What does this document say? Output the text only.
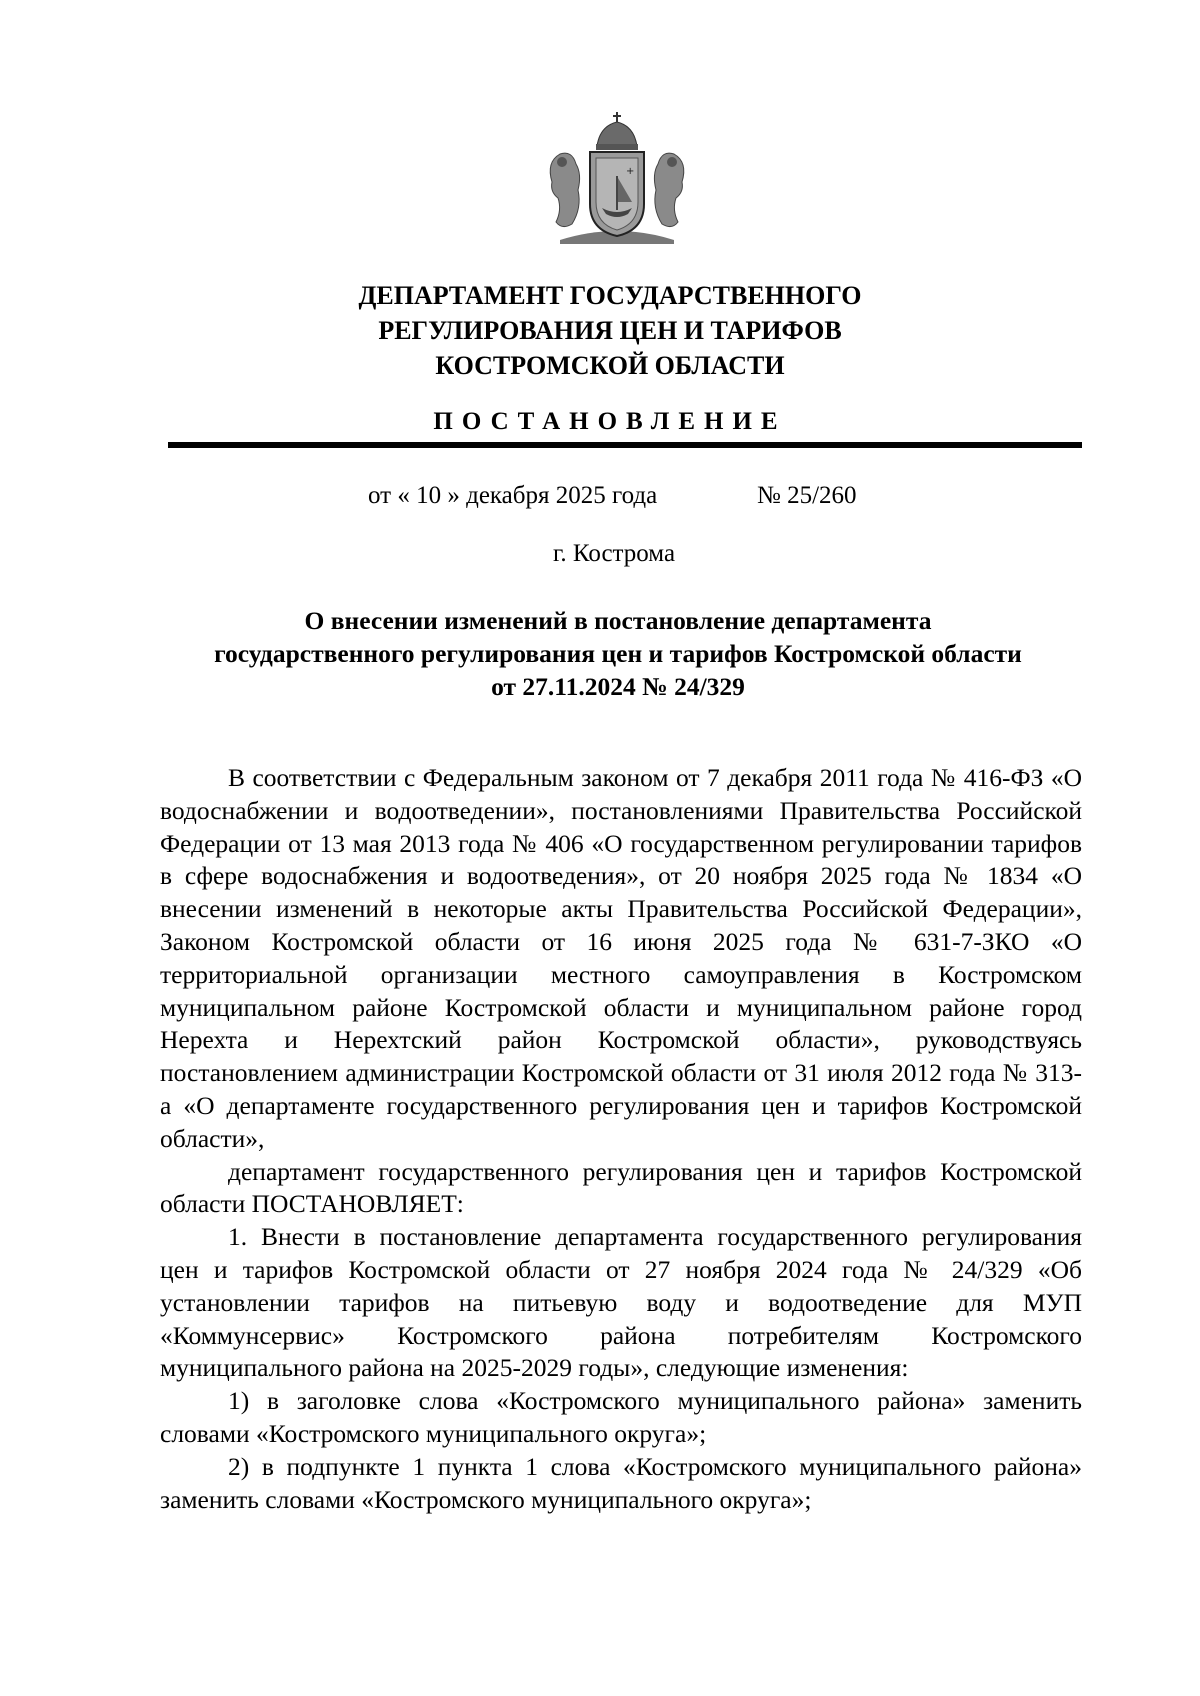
+
ДЕПАРТАМЕНТ ГОСУДАРСТВЕННОГО
РЕГУЛИРОВАНИЯ ЦЕН И ТАРИФОВ
КОСТРОМСКОЙ ОБЛАСТИ
ПОСТАНОВЛЕНИЕ
от « 10 » декабря 2025 года	№ 25/260
г. Кострома
О внесении изменений в постановление департамента
государственного регулирования цен и тарифов Костромской области
от 27.11.2024 № 24/329

В соответствии с Федеральным законом от 7 декабря 2011 года № 416-ФЗ «О водоснабжении и водоотведении», постановлениями Правительства Российской Федерации от 13 мая 2013 года № 406 «О государственном регулировании тарифов в сфере водоснабжения и водоотведения», от 20 ноября 2025 года № 1834 «О внесении изменений в некоторые акты Правительства Российской Федерации», Законом Костромской области от 16 июня 2025 года № 631-7-ЗКО «О территориальной организации местного самоуправления в Костромском муниципальном районе Костромской области и муниципальном районе город Нерехта и Нерехтский район Костромской области», руководствуясь постановлением администрации Костромской области от 31 июля 2012 года № 313-а «О департаменте государственного регулирования цен и тарифов Костромской области»,

департамент государственного регулирования цен и тарифов Костромской области ПОСТАНОВЛЯЕТ:

1. Внести в постановление департамента государственного регулирования цен и тарифов Костромской области от 27 ноября 2024 года № 24/329 «Об установлении тарифов на питьевую воду и водоотведение для МУП «Коммунсервис» Костромского района потребителям Костромского муниципального района на 2025-2029 годы», следующие изменения:

1) в заголовке слова «Костромского муниципального района» заменить словами «Костромского муниципального округа»;

2) в подпункте 1 пункта 1 слова «Костромского муниципального района» заменить словами «Костромского муниципального округа»;
